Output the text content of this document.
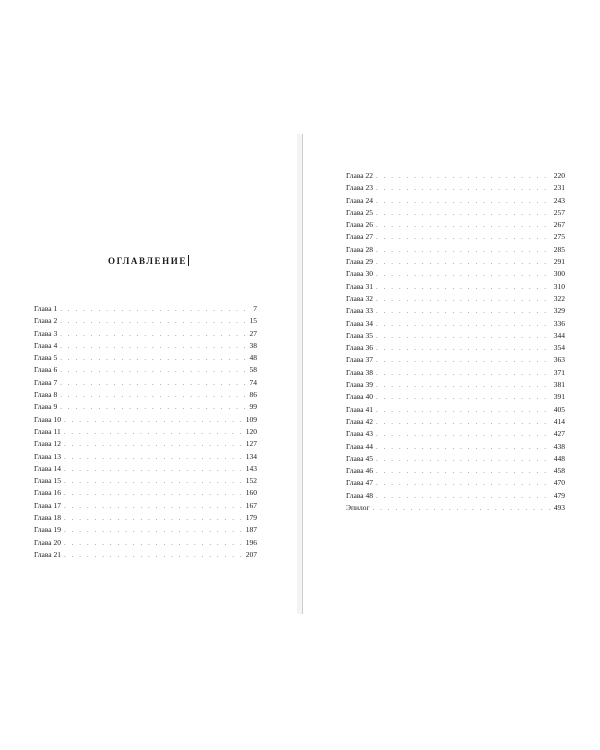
ОГЛАВЛЕНИЕ
Глава 1 . . .	7
Глава 2 . . .	15
Глава 3 . . .	27
Глава 4 . . .	38
Глава 5 . . .	48
Глава 6 . . .	58
Глава 7 . . .	74
Глава 8 . . .	86
Глава 9 . . .	99
Глава 10 . . .	109
Глава 11 . . .	120
Глава 12 . . .	127
Глава 13 . . .	134
Глава 14 . . .	143
Глава 15 . . .	152
Глава 16 . . .	160
Глава 17 . . .	167
Глава 18 . . .	179
Глава 19 . . .	187
Глава 20 . . .	196
Глава 21 . . .	207
Глава 22 . . .	220
Глава 23 . . .	231
Глава 24 . . .	243
Глава 25 . . .	257
Глава 26 . . .	267
Глава 27 . . .	275
Глава 28 . . .	285
Глава 29 . . .	291
Глава 30 . . .	300
Глава 31 . . .	310
Глава 32 . . .	322
Глава 33 . . .	329
Глава 34 . . .	336
Глава 35 . . .	344
Глава 36 . . .	354
Глава 37 . . .	363
Глава 38 . . .	371
Глава 39 . . .	381
Глава 40 . . .	391
Глава 41 . . .	405
Глава 42 . . .	414
Глава 43 . . .	427
Глава 44 . . .	438
Глава 45 . . .	448
Глава 46 . . .	458
Глава 47 . . .	470
Глава 48 . . .	479
Эпилог . . .	493
